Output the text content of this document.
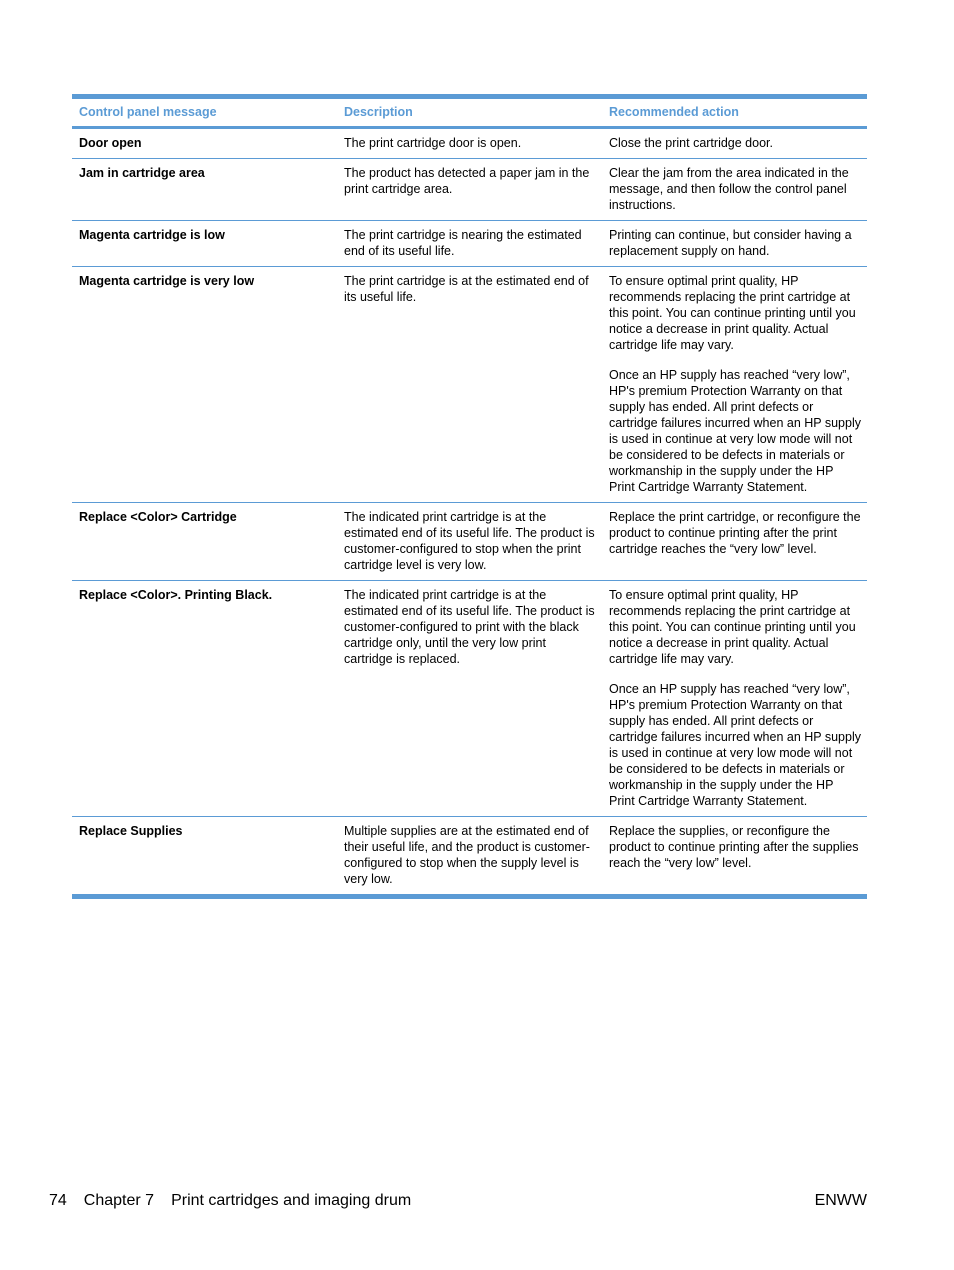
Control panel message	Description	Recommended action
Door open	The print cartridge door is open.	Close the print cartridge door.

Jam in cartridge area	The product has detected a paper jam in the print cartridge area.	Clear the jam from the area indicated in the message, and then follow the control panel instructions.

Magenta cartridge is low	The print cartridge is nearing the estimated end of its useful life.	Printing can continue, but consider having a replacement supply on hand.

Magenta cartridge is very low	The print cartridge is at the estimated end of its useful life.	To ensure optimal print quality, HP recommends replacing the print cartridge at this point. You can continue printing until you notice a decrease in print quality. Actual cartridge life may vary.

Once an HP supply has reached “very low”, HP's premium Protection Warranty on that supply has ended. All print defects or cartridge failures incurred when an HP supply is used in continue at very low mode will not be considered to be defects in materials or workmanship in the supply under the HP Print Cartridge Warranty Statement.

Replace <Color> Cartridge	The indicated print cartridge is at the estimated end of its useful life. The product is customer-configured to stop when the print cartridge level is very low.	Replace the print cartridge, or reconfigure the product to continue printing after the print cartridge reaches the “very low” level.

Replace <Color>. Printing Black.	The indicated print cartridge is at the estimated end of its useful life. The product is customer-configured to print with the black cartridge only, until the very low print cartridge is replaced.	To ensure optimal print quality, HP recommends replacing the print cartridge at this point. You can continue printing until you notice a decrease in print quality. Actual cartridge life may vary.

Once an HP supply has reached “very low”, HP's premium Protection Warranty on that supply has ended. All print defects or cartridge failures incurred when an HP supply is used in continue at very low mode will not be considered to be defects in materials or workmanship in the supply under the HP Print Cartridge Warranty Statement.

Replace Supplies	Multiple supplies are at the estimated end of their useful life, and the product is customer-configured to stop when the supply level is very low.	Replace the supplies, or reconfigure the product to continue printing after the supplies reach the “very low” level.

74 Chapter 7 Print cartridges and imaging drum	ENWW
